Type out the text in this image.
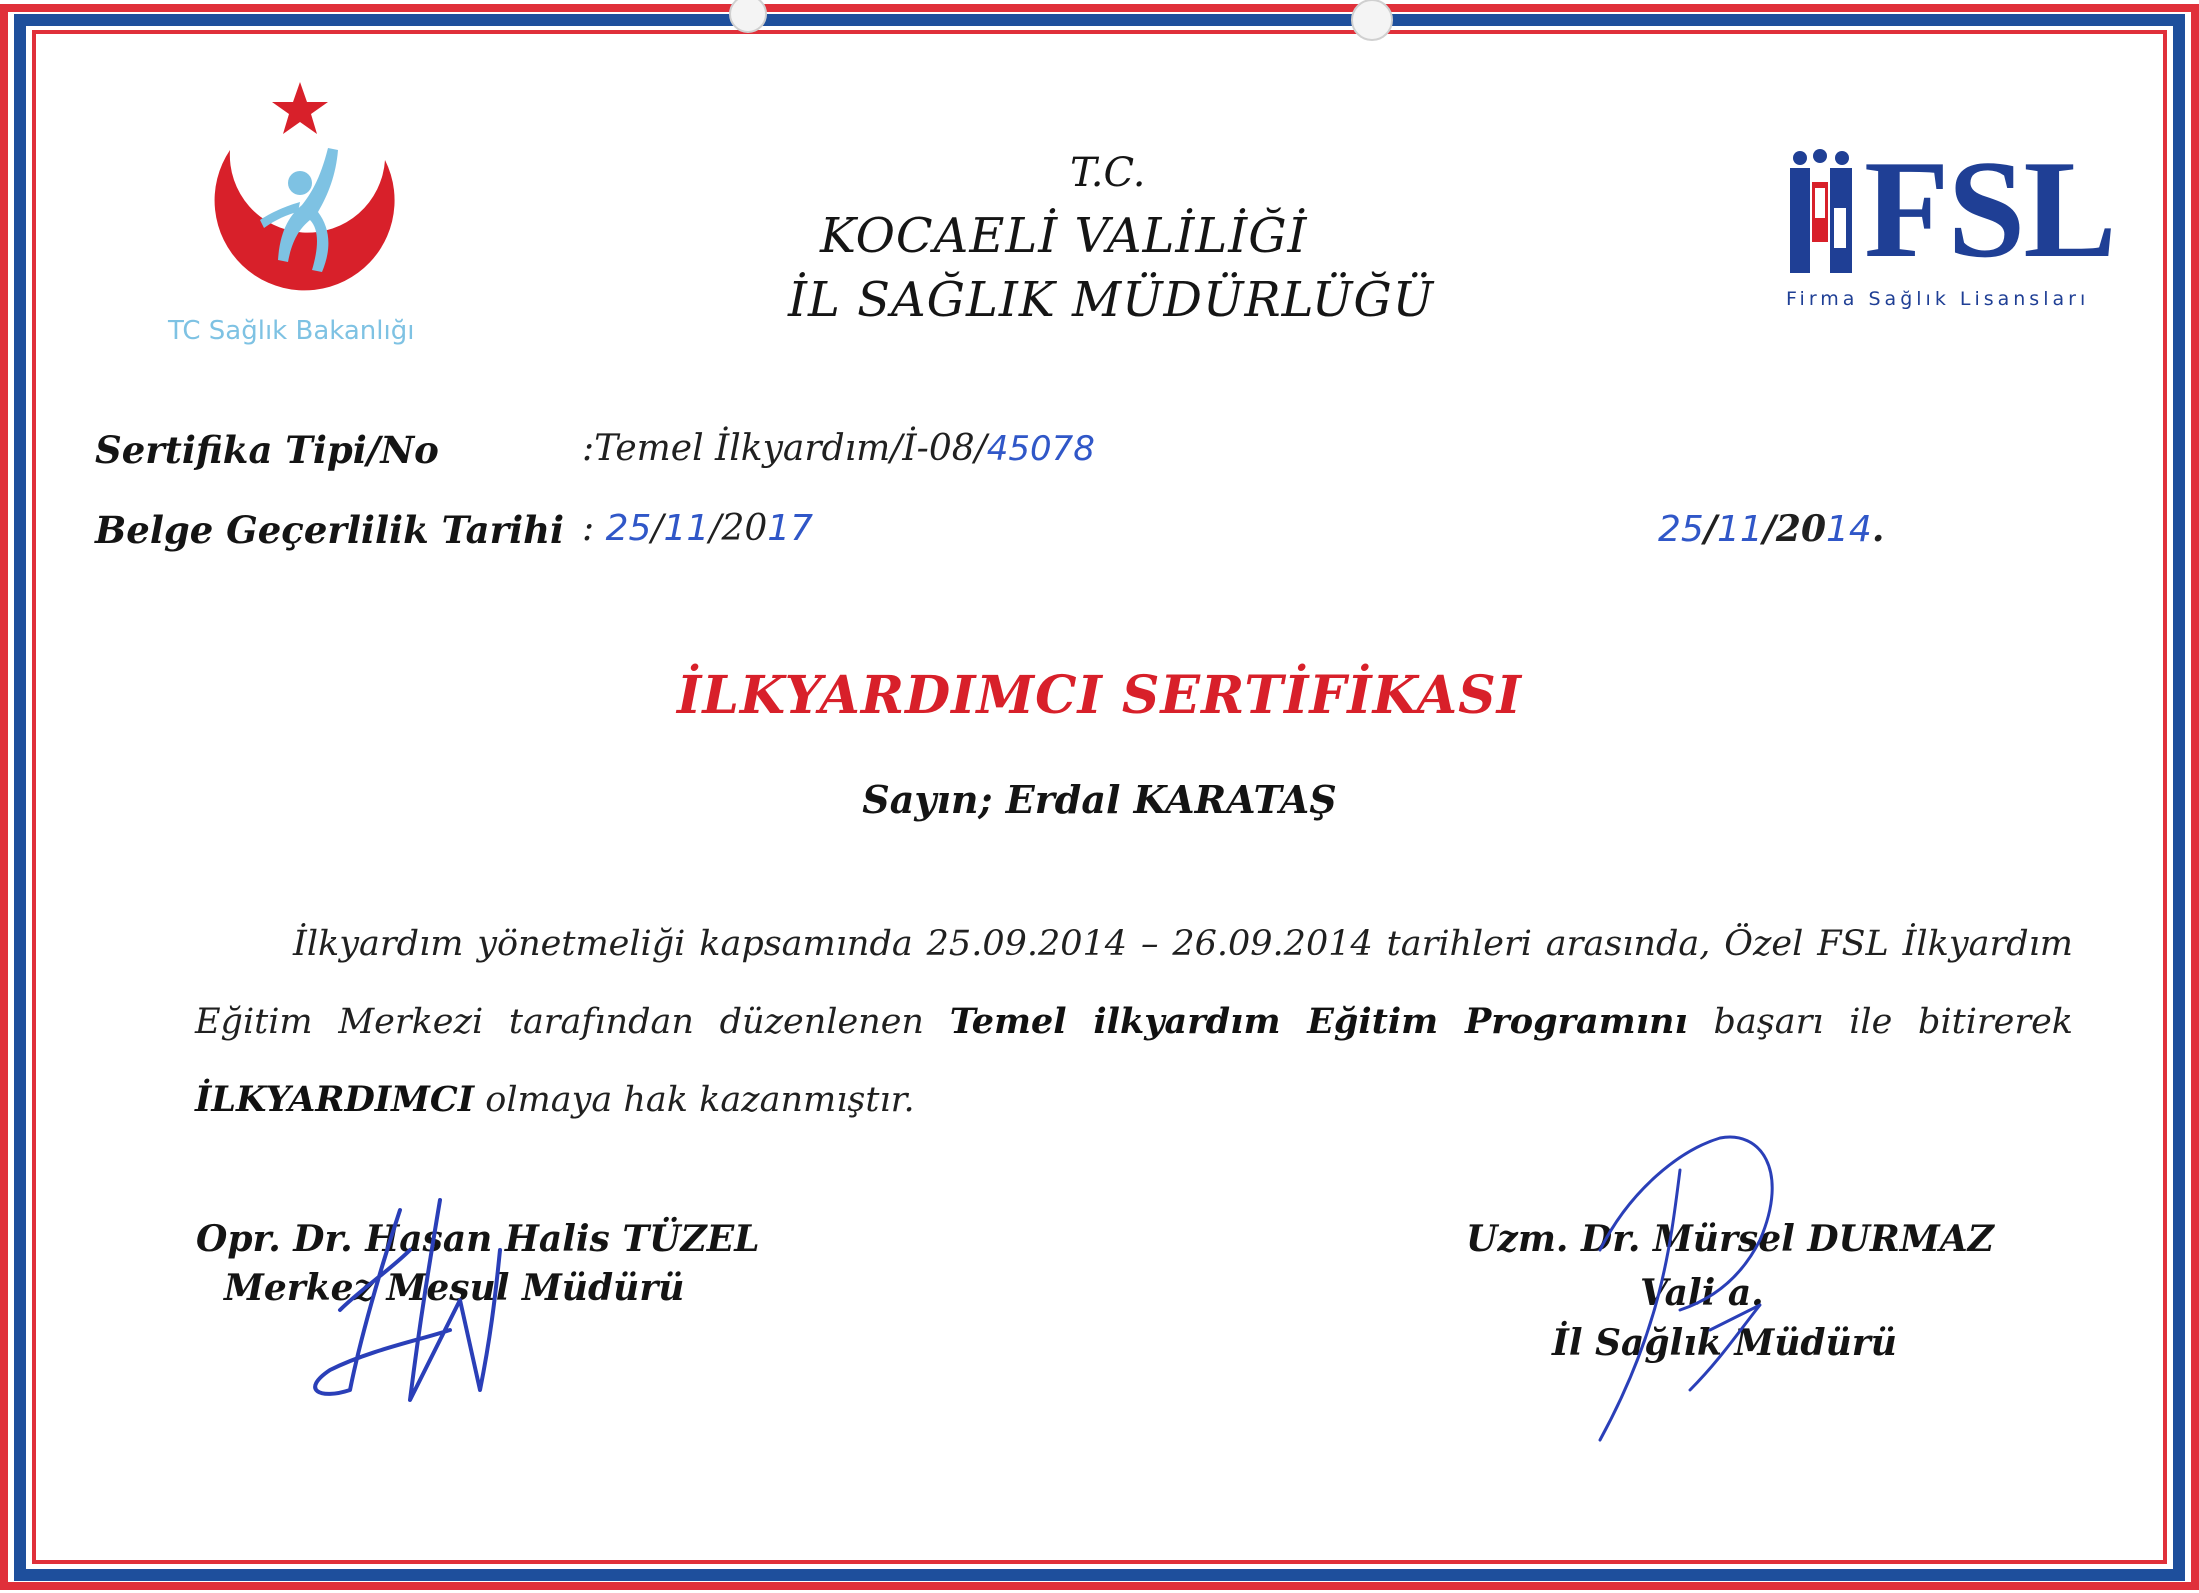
TC Sağlık Bakanlığı
T.C.
KOCAELİ VALİLİĞİ
İL SAĞLIK MÜDÜRLÜĞÜ
FSL
Firma Sağlık Lisansları
Sertifika Tipi/No	:Temel İlkyardım/İ-08/45078
Belge Geçerlilik Tarihi : 25/11/2017	25/11/2014.
İLKYARDIMCI SERTİFİKASI
Sayın; Erdal KARATAŞ

İlkyardım yönetmeliği kapsamında 25.09.2014 – 26.09.2014 tarihleri arasında, Özel FSL İlkyardım Eğitim Merkezi tarafından düzenlenen Temel ilkyardım Eğitim Programını başarı ile bitirerek İLKYARDIMCI olmaya hak kazanmıştır.

Opr. Dr. Hasan Halis TÜZEL
Merkez Mesul Müdürü
Uzm. Dr. Mürsel DURMAZ
Vali a.
İl Sağlık Müdürü
